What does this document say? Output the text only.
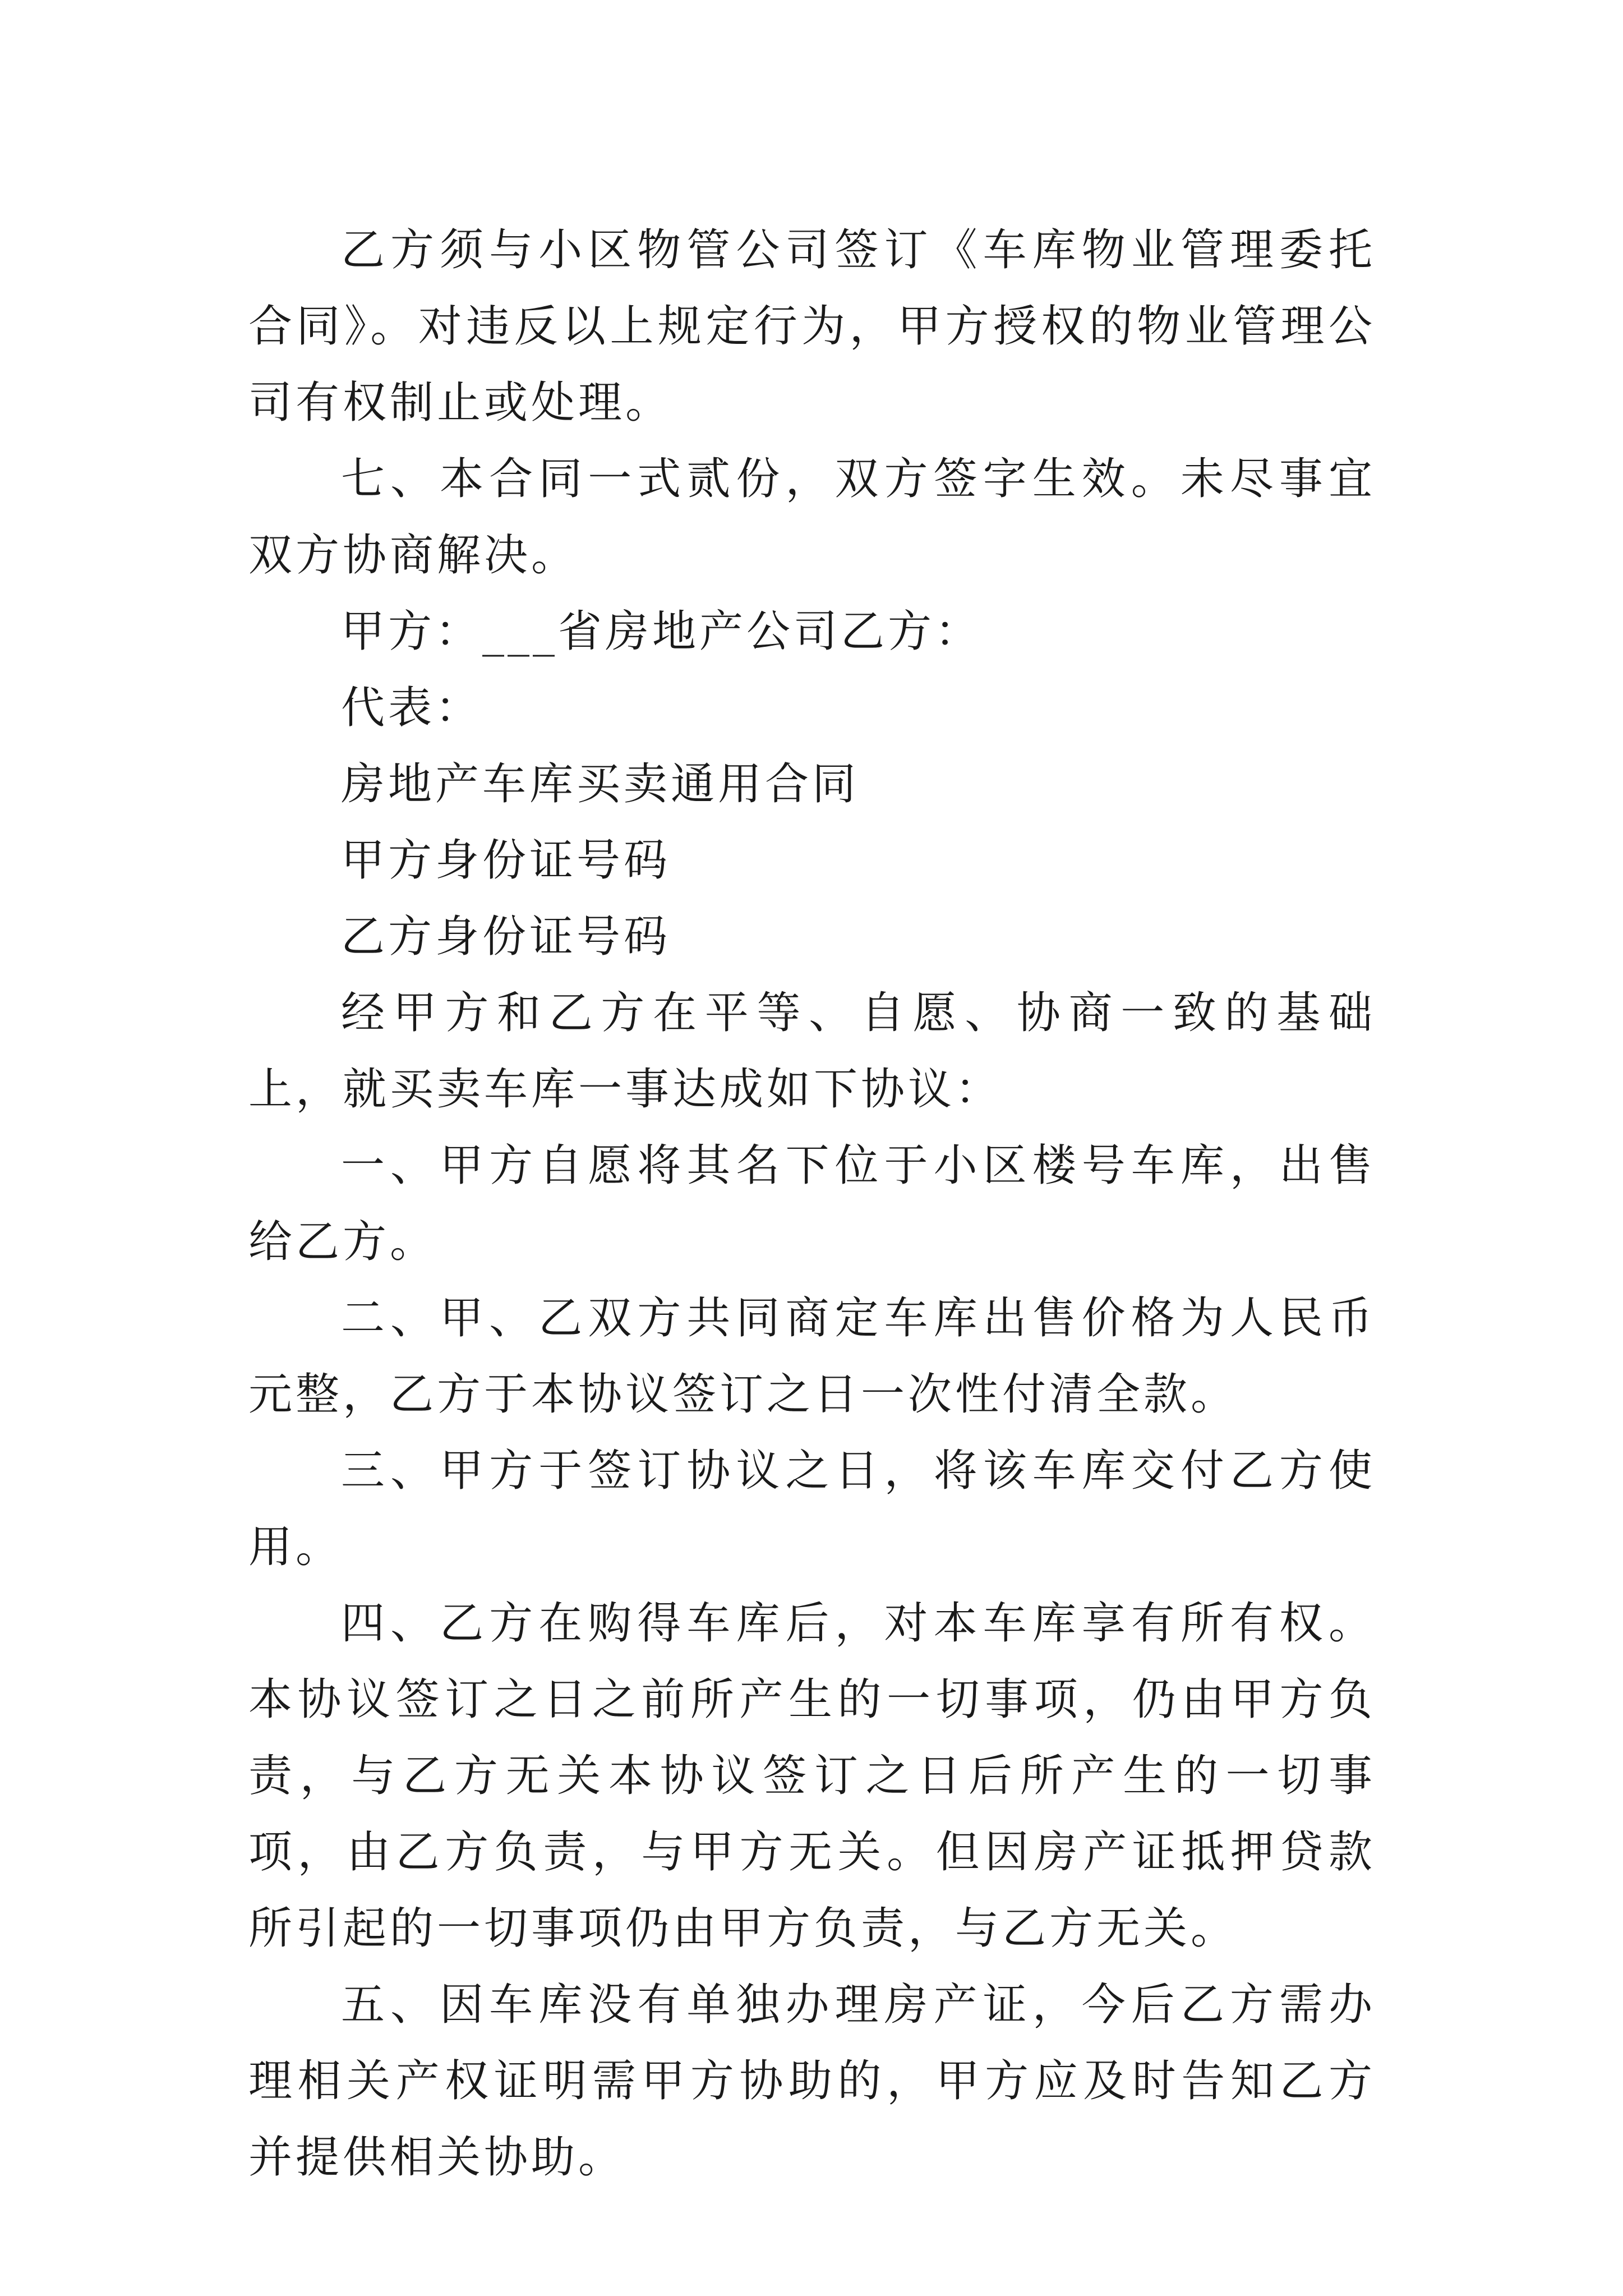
乙方须与小区物管公司签订《车库物业管理委托合同》。对违反以上规定行为，甲方授权的物业管理公司有权制止或处理。

七、本合同一式贰份，双方签字生效。未尽事宜双方协商解决。

甲方：___省房地产公司乙方：

代表：

房地产车库买卖通用合同

甲方身份证号码

乙方身份证号码

经甲方和乙方在平等、自愿、协商一致的基础上，就买卖车库一事达成如下协议：

一、甲方自愿将其名下位于小区楼号车库，出售给乙方。

二、甲、乙双方共同商定车库出售价格为人民币元整，乙方于本协议签订之日一次性付清全款。

三、甲方于签订协议之日，将该车库交付乙方使用。

四、乙方在购得车库后，对本车库享有所有权。本协议签订之日之前所产生的一切事项，仍由甲方负责，与乙方无关本协议签订之日后所产生的一切事项，由乙方负责，与甲方无关。但因房产证抵押贷款所引起的一切事项仍由甲方负责，与乙方无关。

五、因车库没有单独办理房产证，今后乙方需办理相关产权证明需甲方协助的，甲方应及时告知乙方并提供相关协助。
